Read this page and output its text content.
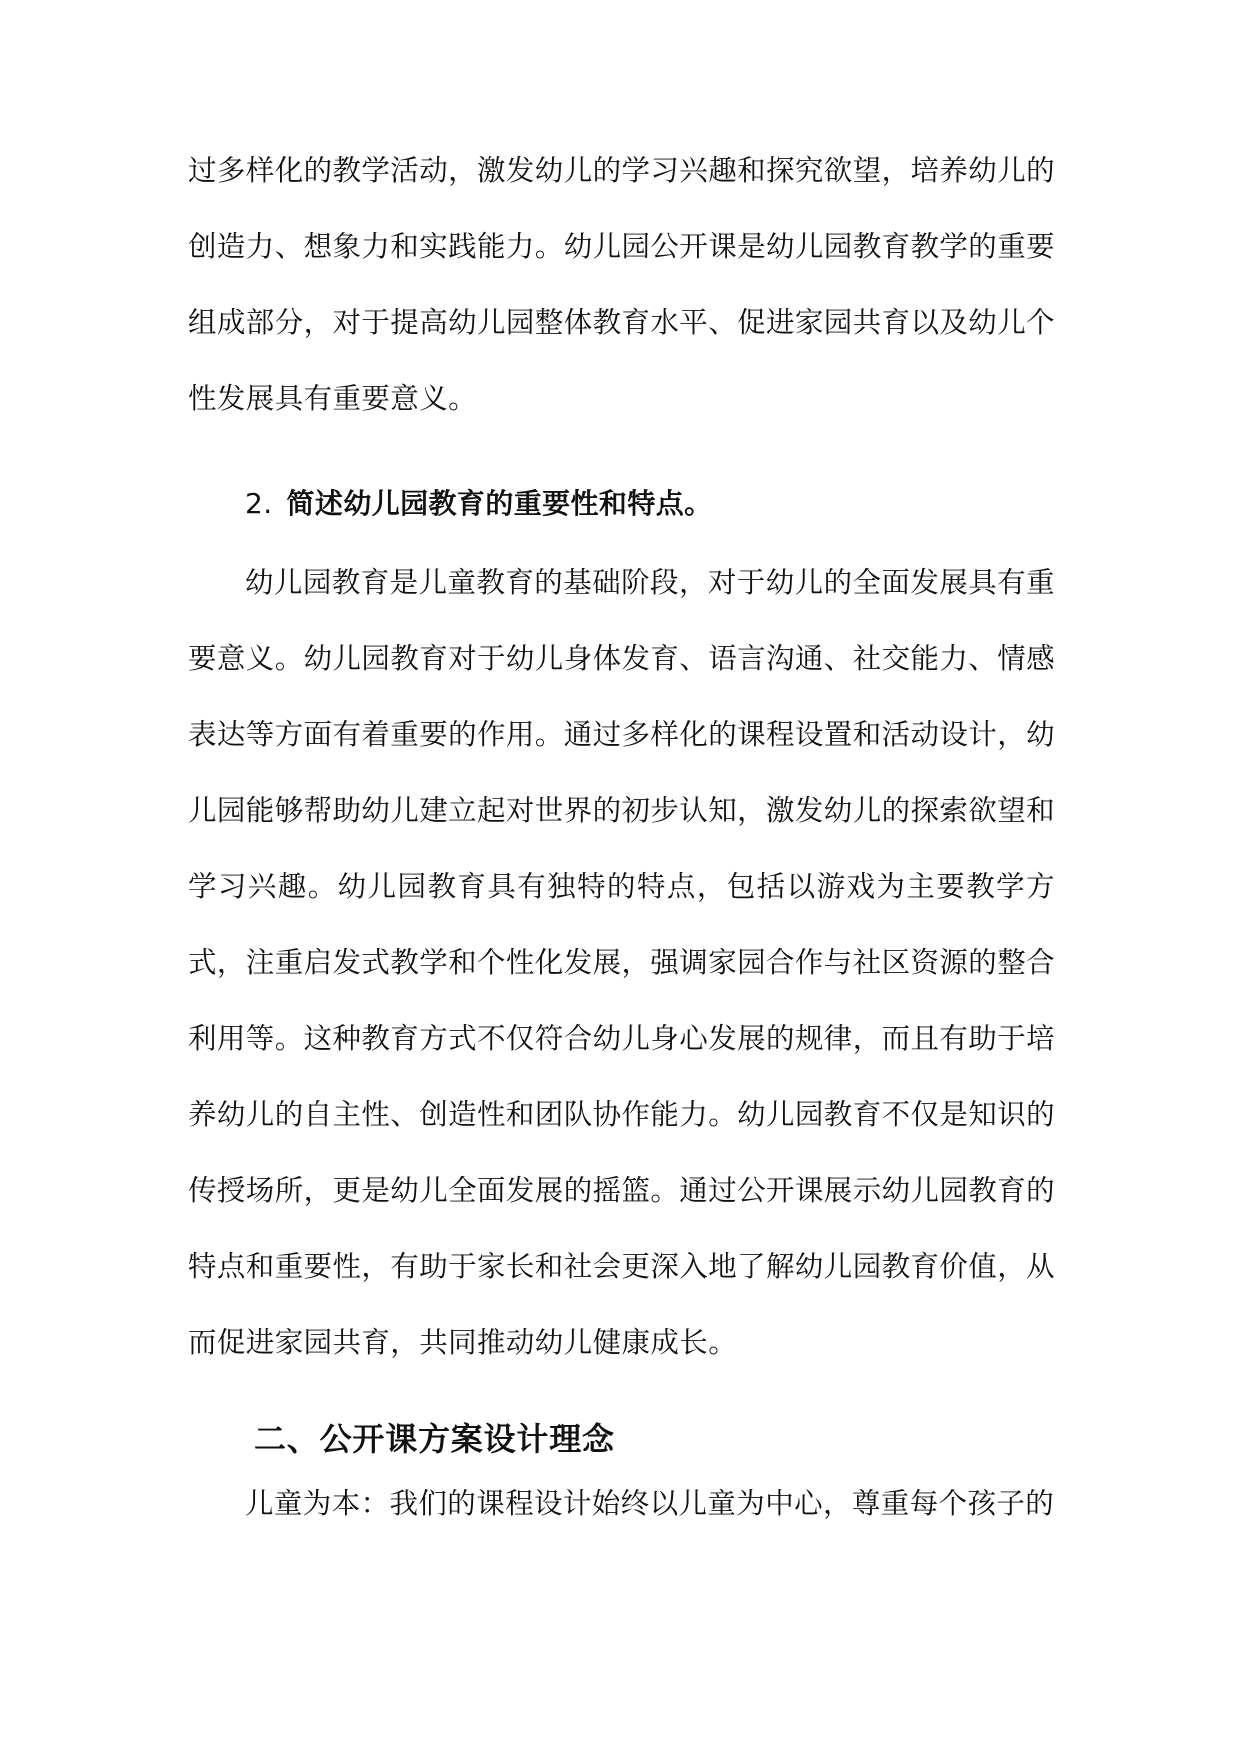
过多样化的教学活动，激发幼儿的学习兴趣和探究欲望，培养幼儿的创造力、想象力和实践能力。幼儿园公开课是幼儿园教育教学的重要组成部分，对于提高幼儿园整体教育水平、促进家园共育以及幼儿个性发展具有重要意义。

2. 简述幼儿园教育的重要性和特点。

幼儿园教育是儿童教育的基础阶段，对于幼儿的全面发展具有重要意义。幼儿园教育对于幼儿身体发育、语言沟通、社交能力、情感表达等方面有着重要的作用。通过多样化的课程设置和活动设计，幼儿园能够帮助幼儿建立起对世界的初步认知，激发幼儿的探索欲望和学习兴趣。幼儿园教育具有独特的特点，包括以游戏为主要教学方式，注重启发式教学和个性化发展，强调家园合作与社区资源的整合利用等。这种教育方式不仅符合幼儿身心发展的规律，而且有助于培养幼儿的自主性、创造性和团队协作能力。幼儿园教育不仅是知识的传授场所，更是幼儿全面发展的摇篮。通过公开课展示幼儿园教育的特点和重要性，有助于家长和社会更深入地了解幼儿园教育价值，从而促进家园共育，共同推动幼儿健康成长。

二、公开课方案设计理念

儿童为本：我们的课程设计始终以儿童为中心，尊重每个孩子的
